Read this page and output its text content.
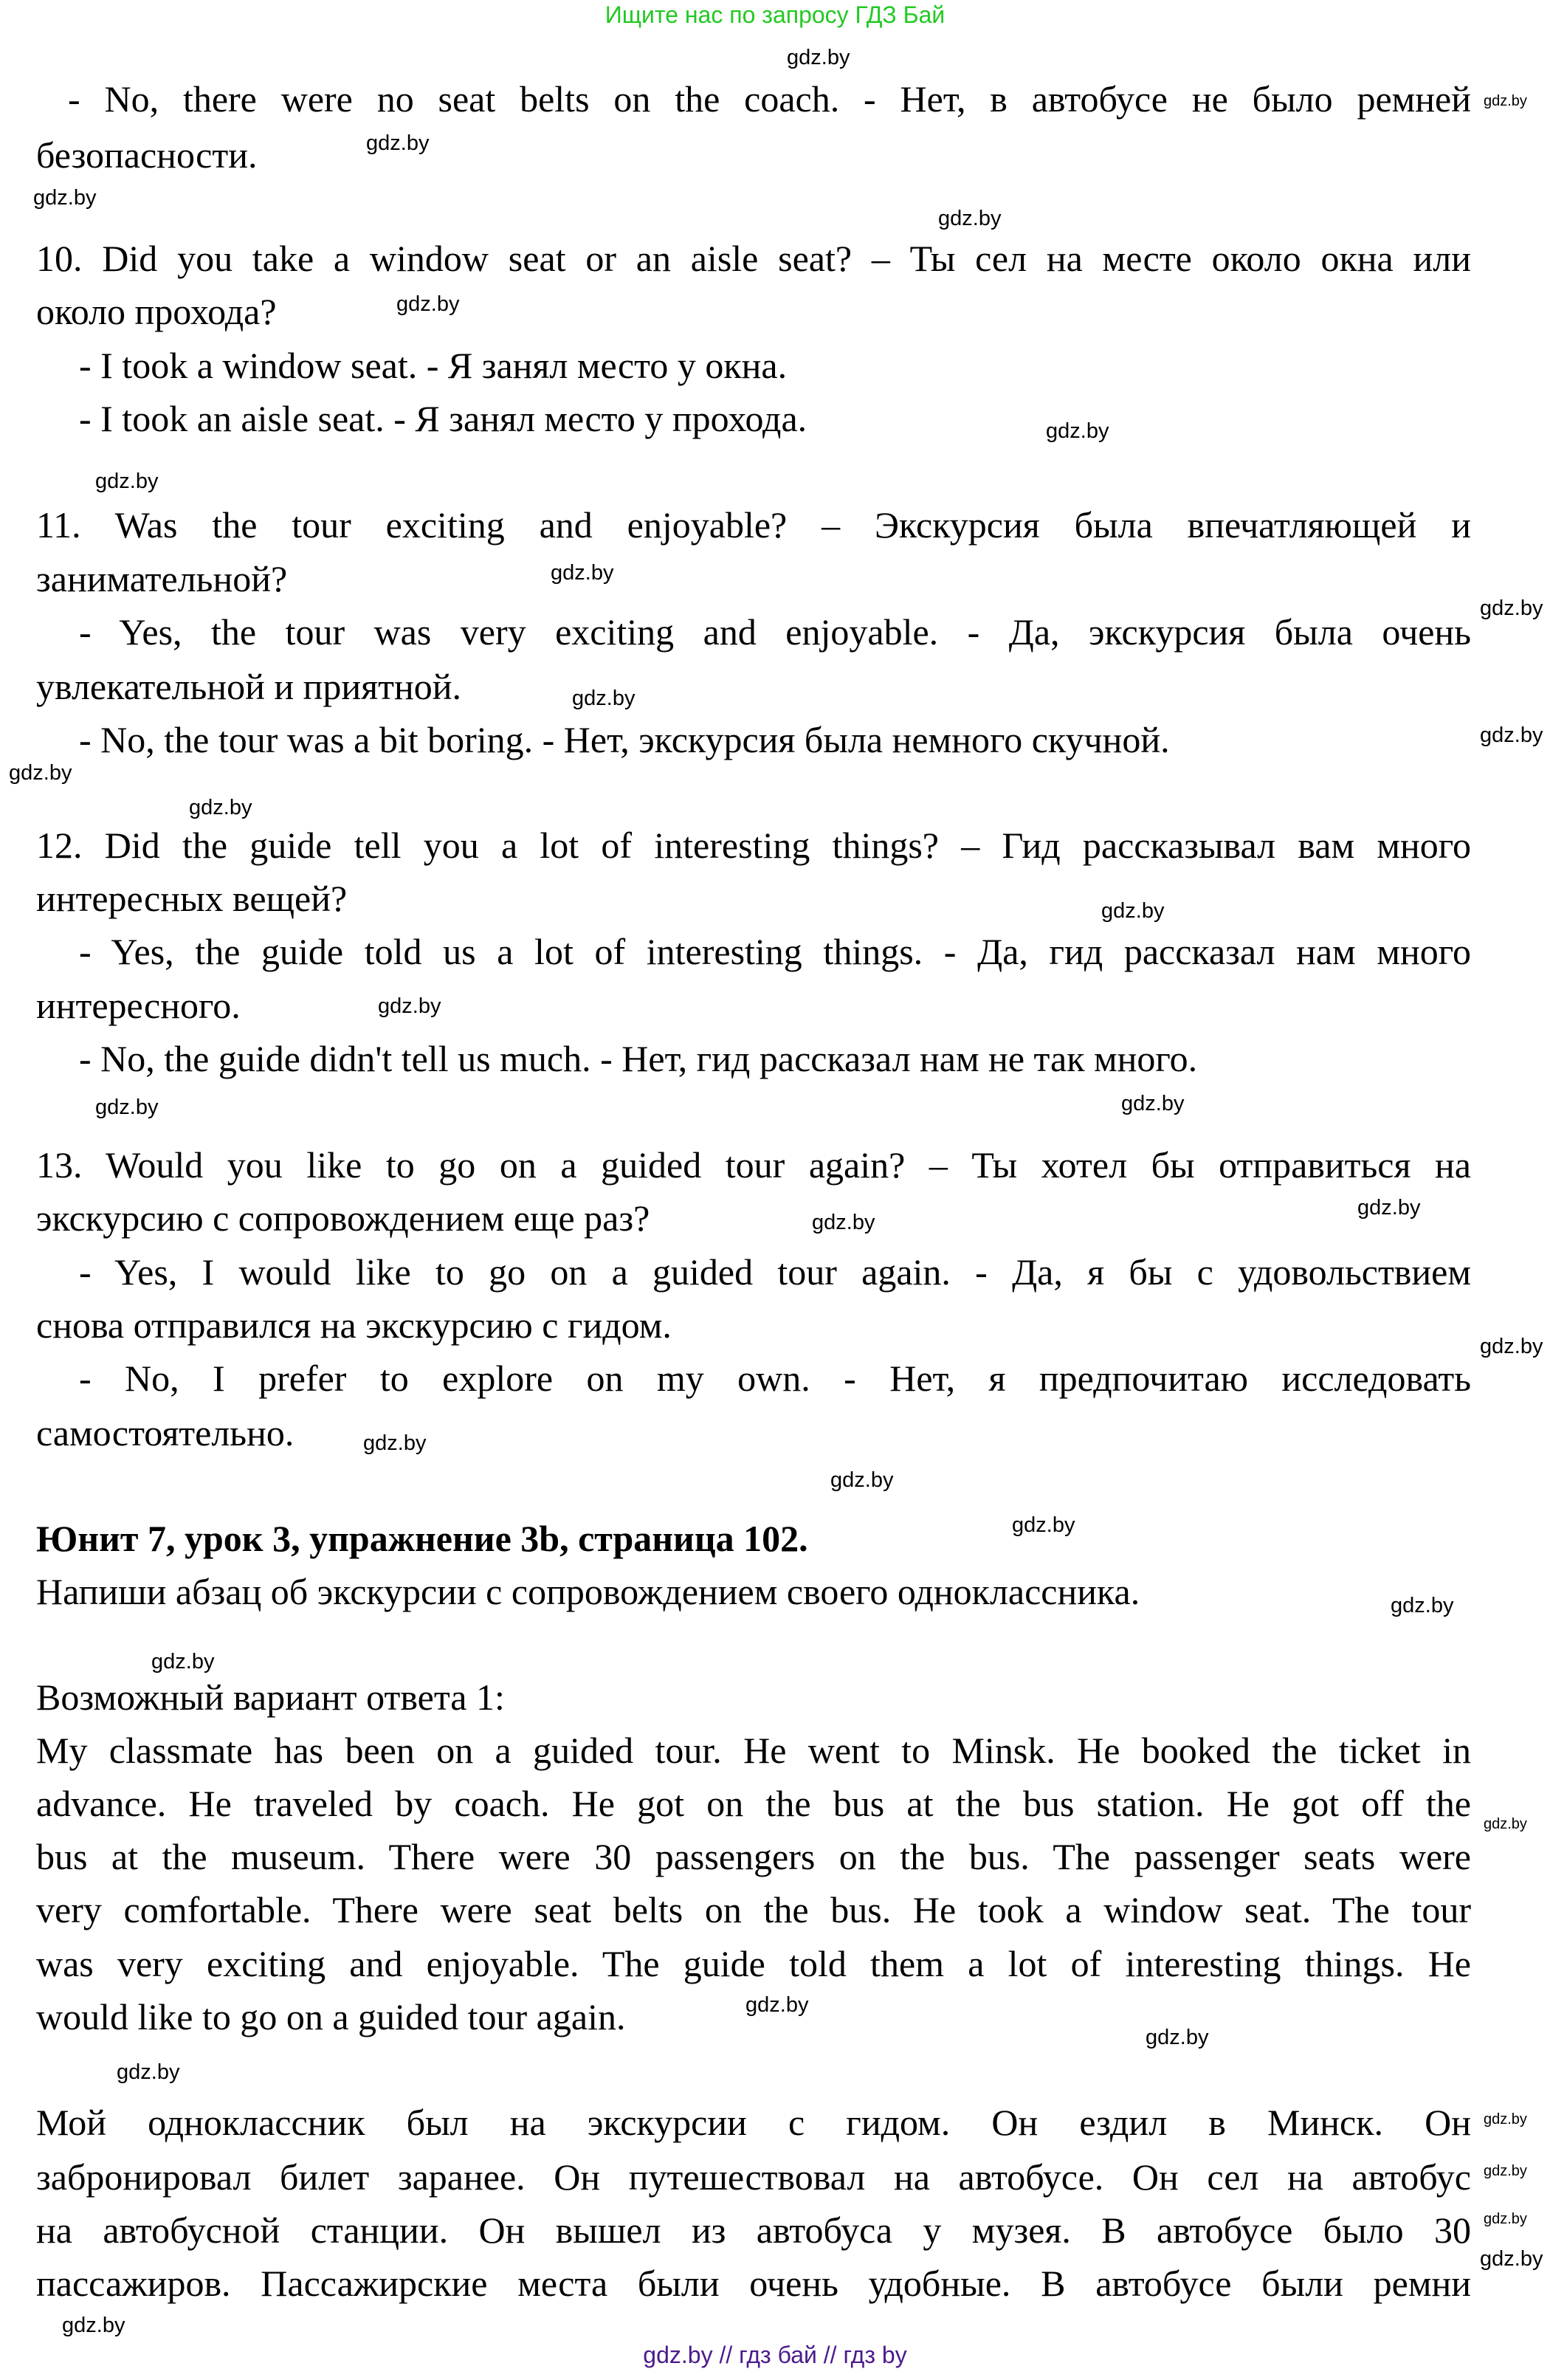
Ищите нас по запросу ГДЗ Бай
- No, there were no seat belts on the coach. - Нет, в автобусе не было ремней
безопасности.
10. Did you take a window seat or an aisle seat? – Ты сел на месте около окна или
около прохода?
- I took a window seat. - Я занял место у окна.
- I took an aisle seat. - Я занял место у прохода.
11. Was the tour exciting and enjoyable? – Экскурсия была впечатляющей и
занимательной?
- Yes, the tour was very exciting and enjoyable. - Да, экскурсия была очень
увлекательной и приятной.
- No, the tour was a bit boring. - Нет, экскурсия была немного скучной.
12. Did the guide tell you a lot of interesting things? – Гид рассказывал вам много
интересных вещей?
- Yes, the guide told us a lot of interesting things. - Да, гид рассказал нам много
интересного.
- No, the guide didn't tell us much. - Нет, гид рассказал нам не так много.
13. Would you like to go on a guided tour again? – Ты хотел бы отправиться на
экскурсию с сопровождением еще раз?
- Yes, I would like to go on a guided tour again. - Да, я бы с удовольствием
снова отправился на экскурсию с гидом.
- No, I prefer to explore on my own. - Нет, я предпочитаю исследовать
самостоятельно.
Юнит 7, урок 3, упражнение 3b, страница 102.
Напиши абзац об экскурсии с сопровождением своего одноклассника.
Возможный вариант ответа 1:
My classmate has been on a guided tour. He went to Minsk. He booked the ticket in
advance. He traveled by coach. He got on the bus at the bus station. He got off the
bus at the museum. There were 30 passengers on the bus. The passenger seats were
very comfortable. There were seat belts on the bus. He took a window seat. The tour
was very exciting and enjoyable. The guide told them a lot of interesting things. He
would like to go on a guided tour again.
Мой одноклассник был на экскурсии с гидом. Он ездил в Минск. Он
забронировал билет заранее. Он путешествовал на автобусе. Он сел на автобус
на автобусной станции. Он вышел из автобуса у музея. В автобусе было 30
пассажиров. Пассажирские места были очень удобные. В автобусе были ремни
gdz.by
gdz.by
gdz.by
gdz.by
gdz.by
gdz.by
gdz.by
gdz.by
gdz.by
gdz.by
gdz.by
gdz.by
gdz.by
gdz.by
gdz.by
gdz.by
gdz.by
gdz.by
gdz.by
gdz.by
gdz.by
gdz.by
gdz.by
gdz.by
gdz.by
gdz.by
gdz.by
gdz.by
gdz.by
gdz.by
gdz.by
gdz.by
gdz.by
gdz.by
gdz.by
gdz.by // гдз бай // гдз by
